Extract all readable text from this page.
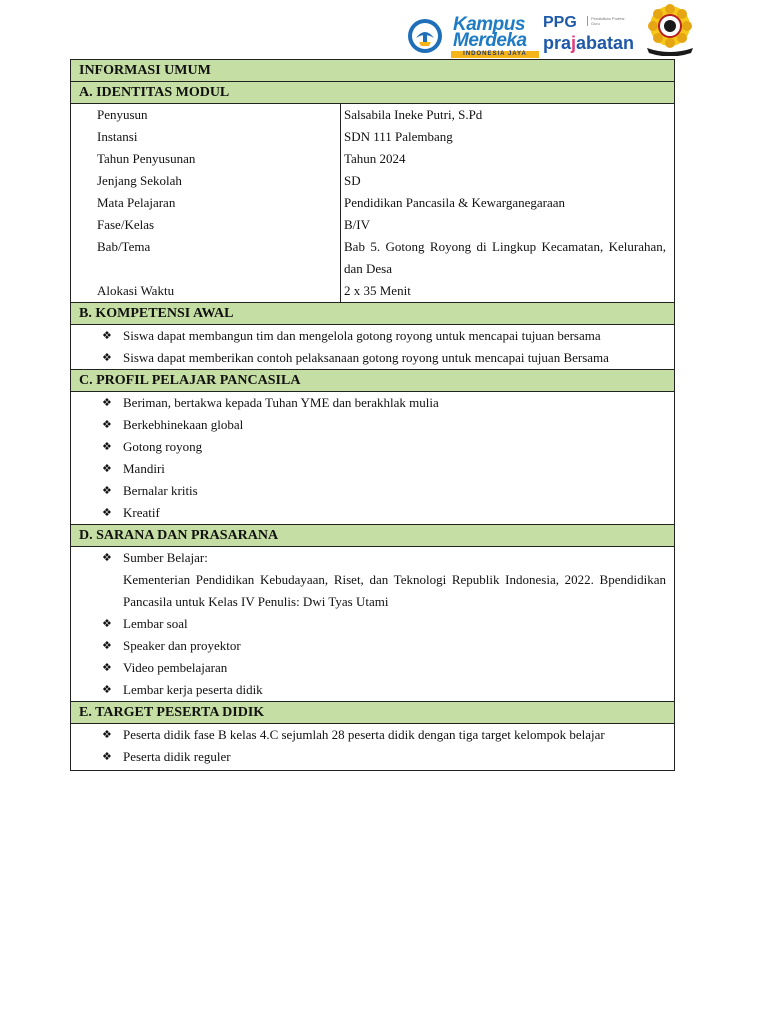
Kampus
Merdeka
INDONESIA JAYA
PPG	Pendidikan Profesi Guru
prajabatan
INFORMASI UMUM
A. IDENTITAS MODUL
Penyusun	Salsabila Ineke Putri, S.Pd
Instansi	SDN 111 Palembang
Tahun Penyusunan	Tahun 2024
Jenjang Sekolah	SD
Mata Pelajaran	Pendidikan Pancasila & Kewarganegaraan
Fase/Kelas	B/IV
Bab/Tema	Bab 5. Gotong Royong di Lingkup Kecamatan, Kelurahan, dan Desa
Alokasi Waktu	2 x 35 Menit
B. KOMPETENSI AWAL
❖ Siswa dapat membangun tim dan mengelola gotong royong untuk mencapai tujuan bersama
❖ Siswa dapat memberikan contoh pelaksanaan gotong royong untuk mencapai tujuan Bersama
C. PROFIL PELAJAR PANCASILA
❖ Beriman, bertakwa kepada Tuhan YME dan berakhlak mulia
❖ Berkebhinekaan global
❖ Gotong royong
❖ Mandiri
❖ Bernalar kritis
❖ Kreatif
D. SARANA DAN PRASARANA
❖ Sumber Belajar:
Kementerian Pendidikan Kebudayaan, Riset, dan Teknologi Republik Indonesia, 2022. Bpendidikan Pancasila untuk Kelas IV Penulis: Dwi Tyas Utami
❖ Lembar soal
❖ Speaker dan proyektor
❖ Video pembelajaran
❖ Lembar kerja peserta didik
E. TARGET PESERTA DIDIK
❖ Peserta didik fase B kelas 4.C sejumlah 28 peserta didik dengan tiga target kelompok belajar
❖ Peserta didik reguler
